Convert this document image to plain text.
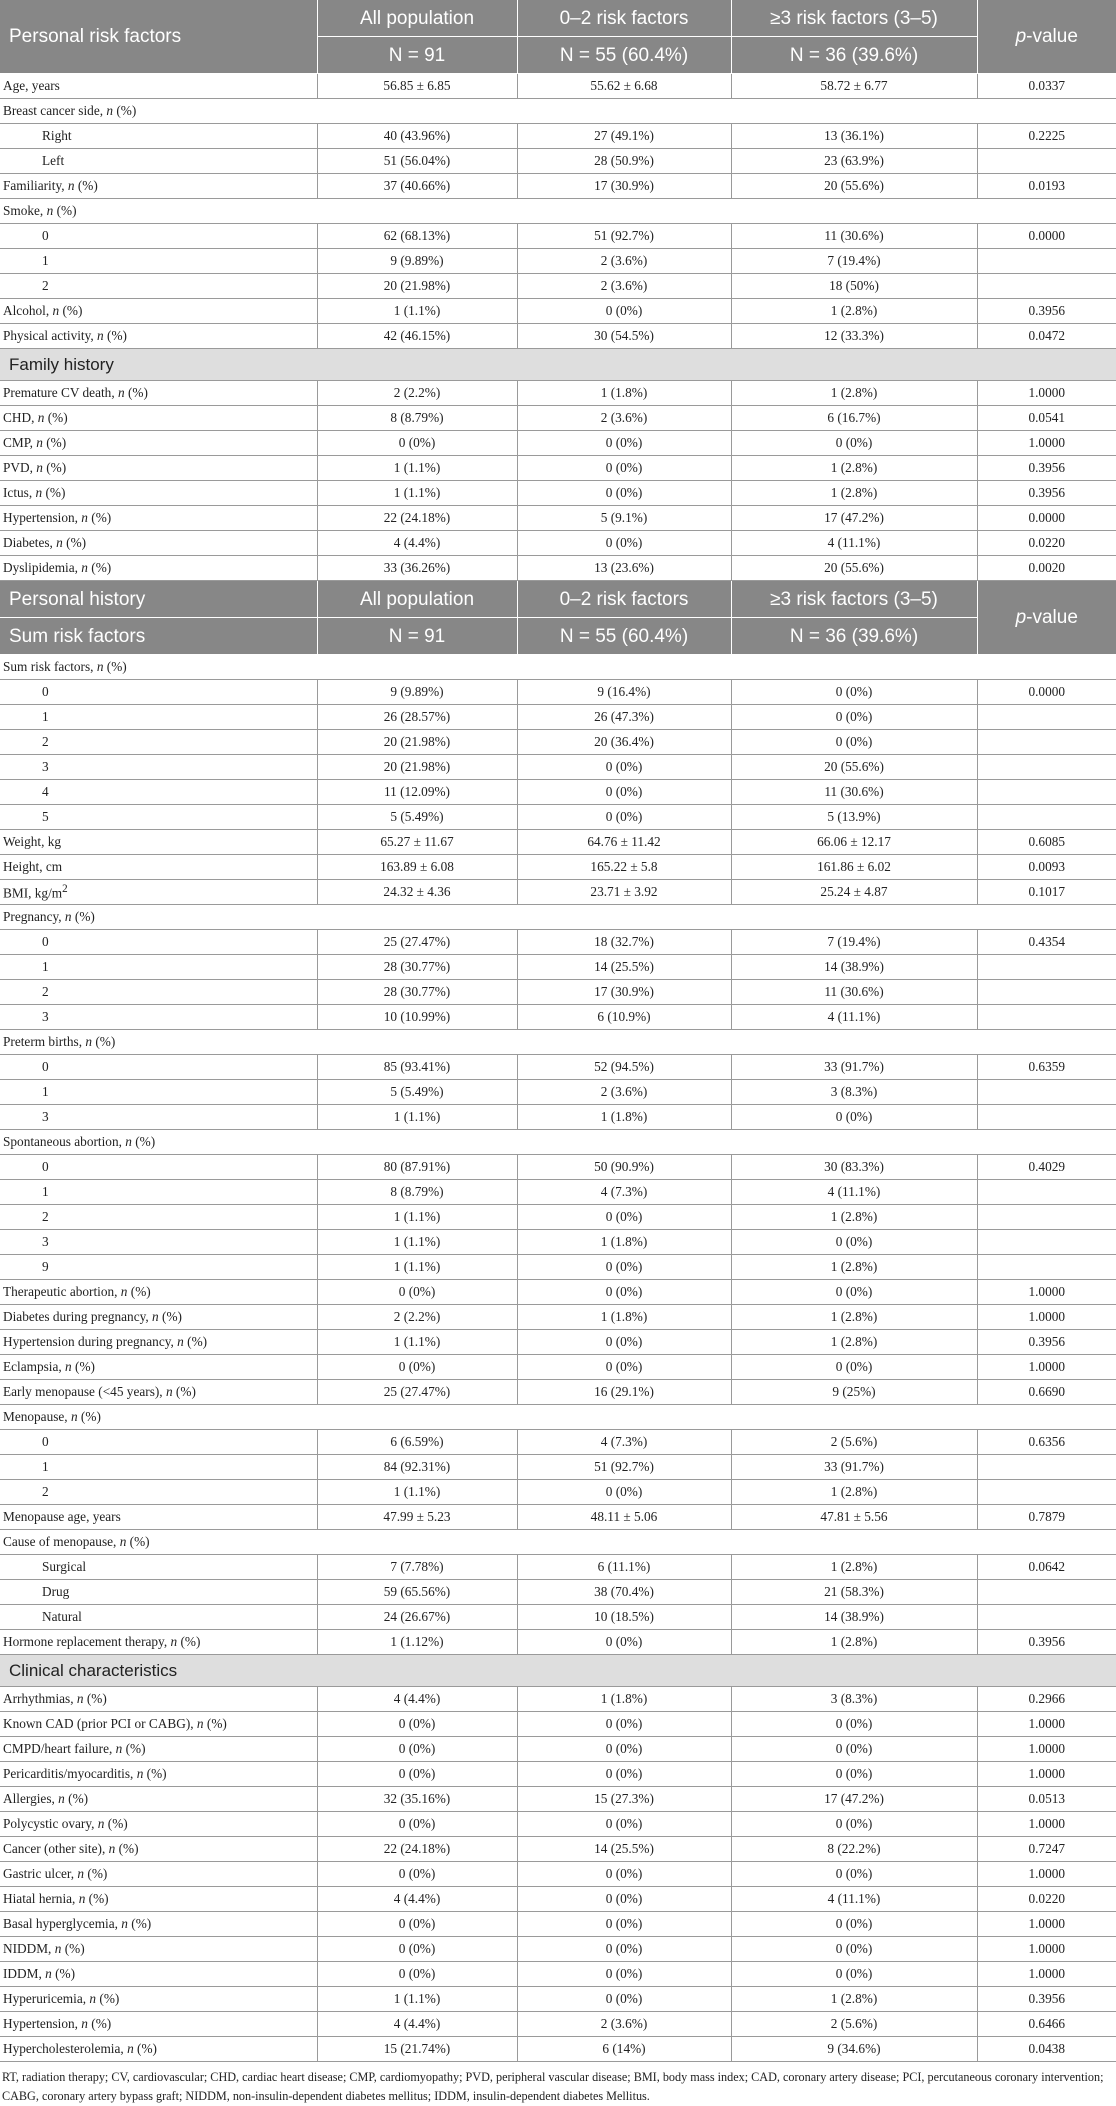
Personal risk factors	All population	0–2 risk factors	≥3 risk factors (3–5)	p-value
	N = 91	N = 55 (60.4%)	N = 36 (39.6%)	
Age, years	56.85 ± 6.85	55.62 ± 6.68	58.72 ± 6.77	0.0337
Breast cancer side, n (%)				
Right	40 (43.96%)	27 (49.1%)	13 (36.1%)	0.2225
Left	51 (56.04%)	28 (50.9%)	23 (63.9%)	
Familiarity, n (%)	37 (40.66%)	17 (30.9%)	20 (55.6%)	0.0193
Smoke, n (%)				
0	62 (68.13%)	51 (92.7%)	11 (30.6%)	0.0000
1	9 (9.89%)	2 (3.6%)	7 (19.4%)	
2	20 (21.98%)	2 (3.6%)	18 (50%)	
Alcohol, n (%)	1 (1.1%)	0 (0%)	1 (2.8%)	0.3956
Physical activity, n (%)	42 (46.15%)	30 (54.5%)	12 (33.3%)	0.0472
Family history				
Premature CV death, n (%)	2 (2.2%)	1 (1.8%)	1 (2.8%)	1.0000
CHD, n (%)	8 (8.79%)	2 (3.6%)	6 (16.7%)	0.0541
CMP, n (%)	0 (0%)	0 (0%)	0 (0%)	1.0000
PVD, n (%)	1 (1.1%)	0 (0%)	1 (2.8%)	0.3956
Ictus, n (%)	1 (1.1%)	0 (0%)	1 (2.8%)	0.3956
Hypertension, n (%)	22 (24.18%)	5 (9.1%)	17 (47.2%)	0.0000
Diabetes, n (%)	4 (4.4%)	0 (0%)	4 (11.1%)	0.0220
Dyslipidemia, n (%)	33 (36.26%)	13 (23.6%)	20 (55.6%)	0.0020
Personal history	All population	0–2 risk factors	≥3 risk factors (3–5)	p-value
Sum risk factors	N = 91	N = 55 (60.4%)	N = 36 (39.6%)	
Sum risk factors, n (%)				
0	9 (9.89%)	9 (16.4%)	0 (0%)	0.0000
1	26 (28.57%)	26 (47.3%)	0 (0%)	
2	20 (21.98%)	20 (36.4%)	0 (0%)	
3	20 (21.98%)	0 (0%)	20 (55.6%)	
4	11 (12.09%)	0 (0%)	11 (30.6%)	
5	5 (5.49%)	0 (0%)	5 (13.9%)	
Weight, kg	65.27 ± 11.67	64.76 ± 11.42	66.06 ± 12.17	0.6085
Height, cm	163.89 ± 6.08	165.22 ± 5.8	161.86 ± 6.02	0.0093
BMI, $kg/m^2$	24.32 ± 4.36	23.71 ± 3.92	25.24 ± 4.87	0.1017
Pregnancy, n (%)				
0	25 (27.47%)	18 (32.7%)	7 (19.4%)	0.4354
1	28 (30.77%)	14 (25.5%)	14 (38.9%)	
2	28 (30.77%)	17 (30.9%)	11 (30.6%)	
3	10 (10.99%)	6 (10.9%)	4 (11.1%)	
Preterm births, n (%)				
0	85 (93.41%)	52 (94.5%)	33 (91.7%)	0.6359
1	5 (5.49%)	2 (3.6%)	3 (8.3%)	
3	1 (1.1%)	1 (1.8%)	0 (0%)	
Spontaneous abortion, n (%)				
0	80 (87.91%)	50 (90.9%)	30 (83.3%)	0.4029
1	8 (8.79%)	4 (7.3%)	4 (11.1%)	
2	1 (1.1%)	0 (0%)	1 (2.8%)	
3	1 (1.1%)	1 (1.8%)	0 (0%)	
9	1 (1.1%)	0 (0%)	1 (2.8%)	
Therapeutic abortion, n (%)	0 (0%)	0 (0%)	0 (0%)	1.0000
Diabetes during pregnancy, n (%)	2 (2.2%)	1 (1.8%)	1 (2.8%)	1.0000
Hypertension during pregnancy, n (%)	1 (1.1%)	0 (0%)	1 (2.8%)	0.3956
Eclampsia, n (%)	0 (0%)	0 (0%)	0 (0%)	1.0000
Early menopause (<45 years), n (%)	25 (27.47%)	16 (29.1%)	9 (25%)	0.6690
Menopause, n (%)				
0	6 (6.59%)	4 (7.3%)	2 (5.6%)	0.6356
1	84 (92.31%)	51 (92.7%)	33 (91.7%)	
2	1 (1.1%)	0 (0%)	1 (2.8%)	
Menopause age, years	47.99 ± 5.23	48.11 ± 5.06	47.81 ± 5.56	0.7879
Cause of menopause, n (%)				
Surgical	7 (7.78%)	6 (11.1%)	1 (2.8%)	0.0642
Drug	59 (65.56%)	38 (70.4%)	21 (58.3%)	
Natural	24 (26.67%)	10 (18.5%)	14 (38.9%)	
Hormone replacement therapy, n (%)	1 (1.12%)	0 (0%)	1 (2.8%)	0.3956
Clinical characteristics				
Arrhythmias, n (%)	4 (4.4%)	1 (1.8%)	3 (8.3%)	0.2966
Known CAD (prior PCI or CABG), n (%)	0 (0%)	0 (0%)	0 (0%)	1.0000
CMPD/heart failure, n (%)	0 (0%)	0 (0%)	0 (0%)	1.0000
Pericarditis/myocarditis, n (%)	0 (0%)	0 (0%)	0 (0%)	1.0000
Allergies, n (%)	32 (35.16%)	15 (27.3%)	17 (47.2%)	0.0513
Polycystic ovary, n (%)	0 (0%)	0 (0%)	0 (0%)	1.0000
Cancer (other site), n (%)	22 (24.18%)	14 (25.5%)	8 (22.2%)	0.7247
Gastric ulcer, n (%)	0 (0%)	0 (0%)	0 (0%)	1.0000
Hiatal hernia, n (%)	4 (4.4%)	0 (0%)	4 (11.1%)	0.0220
Basal hyperglycemia, n (%)	0 (0%)	0 (0%)	0 (0%)	1.0000
NIDDM, n (%)	0 (0%)	0 (0%)	0 (0%)	1.0000
IDDM, n (%)	0 (0%)	0 (0%)	0 (0%)	1.0000
Hyperuricemia, n (%)	1 (1.1%)	0 (0%)	1 (2.8%)	0.3956
Hypertension, n (%)	4 (4.4%)	2 (3.6%)	2 (5.6%)	0.6466
Hypercholesterolemia, n (%)	15 (21.74%)	6 (14%)	9 (34.6%)	0.0438
RT, radiation therapy; CV, cardiovascular; CHD, cardiac heart disease; CMP, cardiomyopathy; PVD, peripheral vascular disease; BMI, body mass index; CAD, coronary artery disease; PCI, percutaneous coronary intervention; CABG, coronary artery bypass graft; NIDDM, non-insulin-dependent diabetes mellitus; IDDM, insulin-dependent diabetes Mellitus.
